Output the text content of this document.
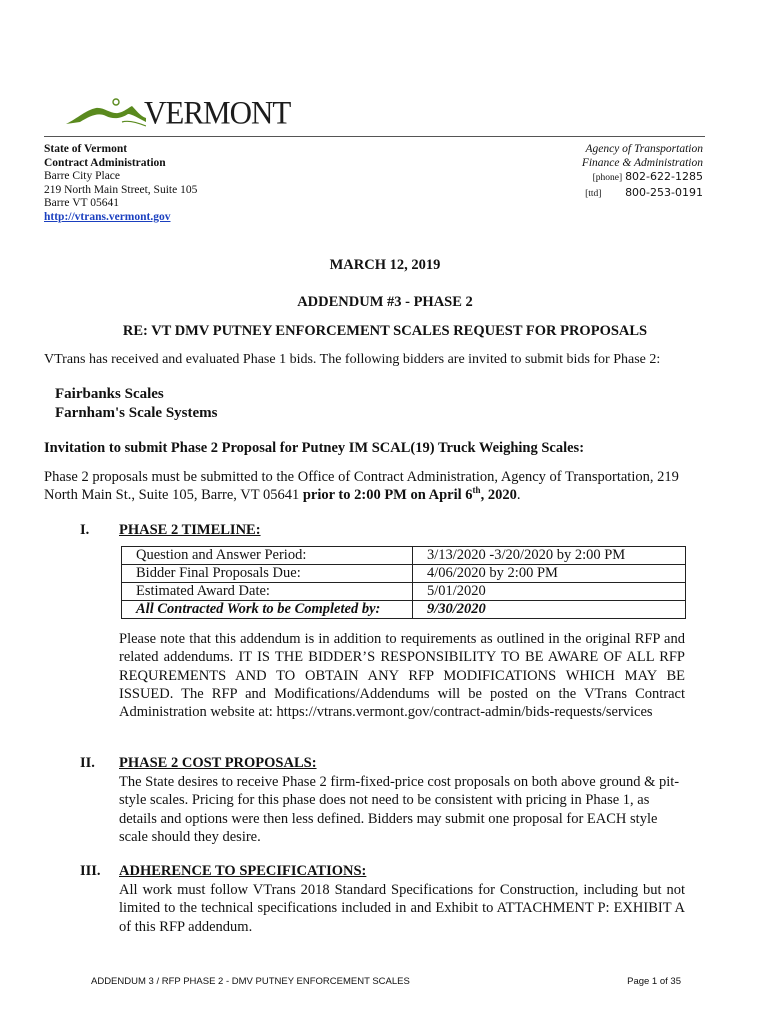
VERMONT
State of Vermont
Contract Administration
Barre City Place
219 North Main Street, Suite 105
Barre VT 05641
http://vtrans.vermont.gov
Agency of Transportation
Finance & Administration
[phone] 802-622-1285
[ttd] 800-253-0191
MARCH 12, 2019
ADDENDUM #3 - PHASE 2
RE: VT DMV PUTNEY ENFORCEMENT SCALES REQUEST FOR PROPOSALS
VTrans has received and evaluated Phase 1 bids. The following bidders are invited to submit bids for Phase 2:
Fairbanks Scales
Farnham's Scale Systems
Invitation to submit Phase 2 Proposal for Putney IM SCAL(19) Truck Weighing Scales:
Phase 2 proposals must be submitted to the Office of Contract Administration, Agency of Transportation, 219 North Main St., Suite 105, Barre, VT 05641 prior to 2:00 PM on April 6th, 2020.
I. PHASE 2 TIMELINE:
Question and Answer Period:	3/13/2020 -3/20/2020 by 2:00 PM
Bidder Final Proposals Due:	4/06/2020 by 2:00 PM
Estimated Award Date:	5/01/2020
All Contracted Work to be Completed by:	9/30/2020
Please note that this addendum is in addition to requirements as outlined in the original RFP and related addendums. IT IS THE BIDDER’S RESPONSIBILITY TO BE AWARE OF ALL RFP REQUREMENTS AND TO OBTAIN ANY RFP MODIFICATIONS WHICH MAY BE ISSUED. The RFP and Modifications/Addendums will be posted on the VTrans Contract Administration website at: https://vtrans.vermont.gov/contract-admin/bids-requests/services
II. PHASE 2 COST PROPOSALS:
The State desires to receive Phase 2 firm-fixed-price cost proposals on both above ground & pit-style scales. Pricing for this phase does not need to be consistent with pricing in Phase 1, as details and options were then less defined. Bidders may submit one proposal for EACH style scale should they desire.
III. ADHERENCE TO SPECIFICATIONS:
All work must follow VTrans 2018 Standard Specifications for Construction, including but not limited to the technical specifications included in and Exhibit to ATTACHMENT P: EXHIBIT A of this RFP addendum.
ADDENDUM 3 / RFP PHASE 2 - DMV PUTNEY ENFORCEMENT SCALES	Page 1 of 35
